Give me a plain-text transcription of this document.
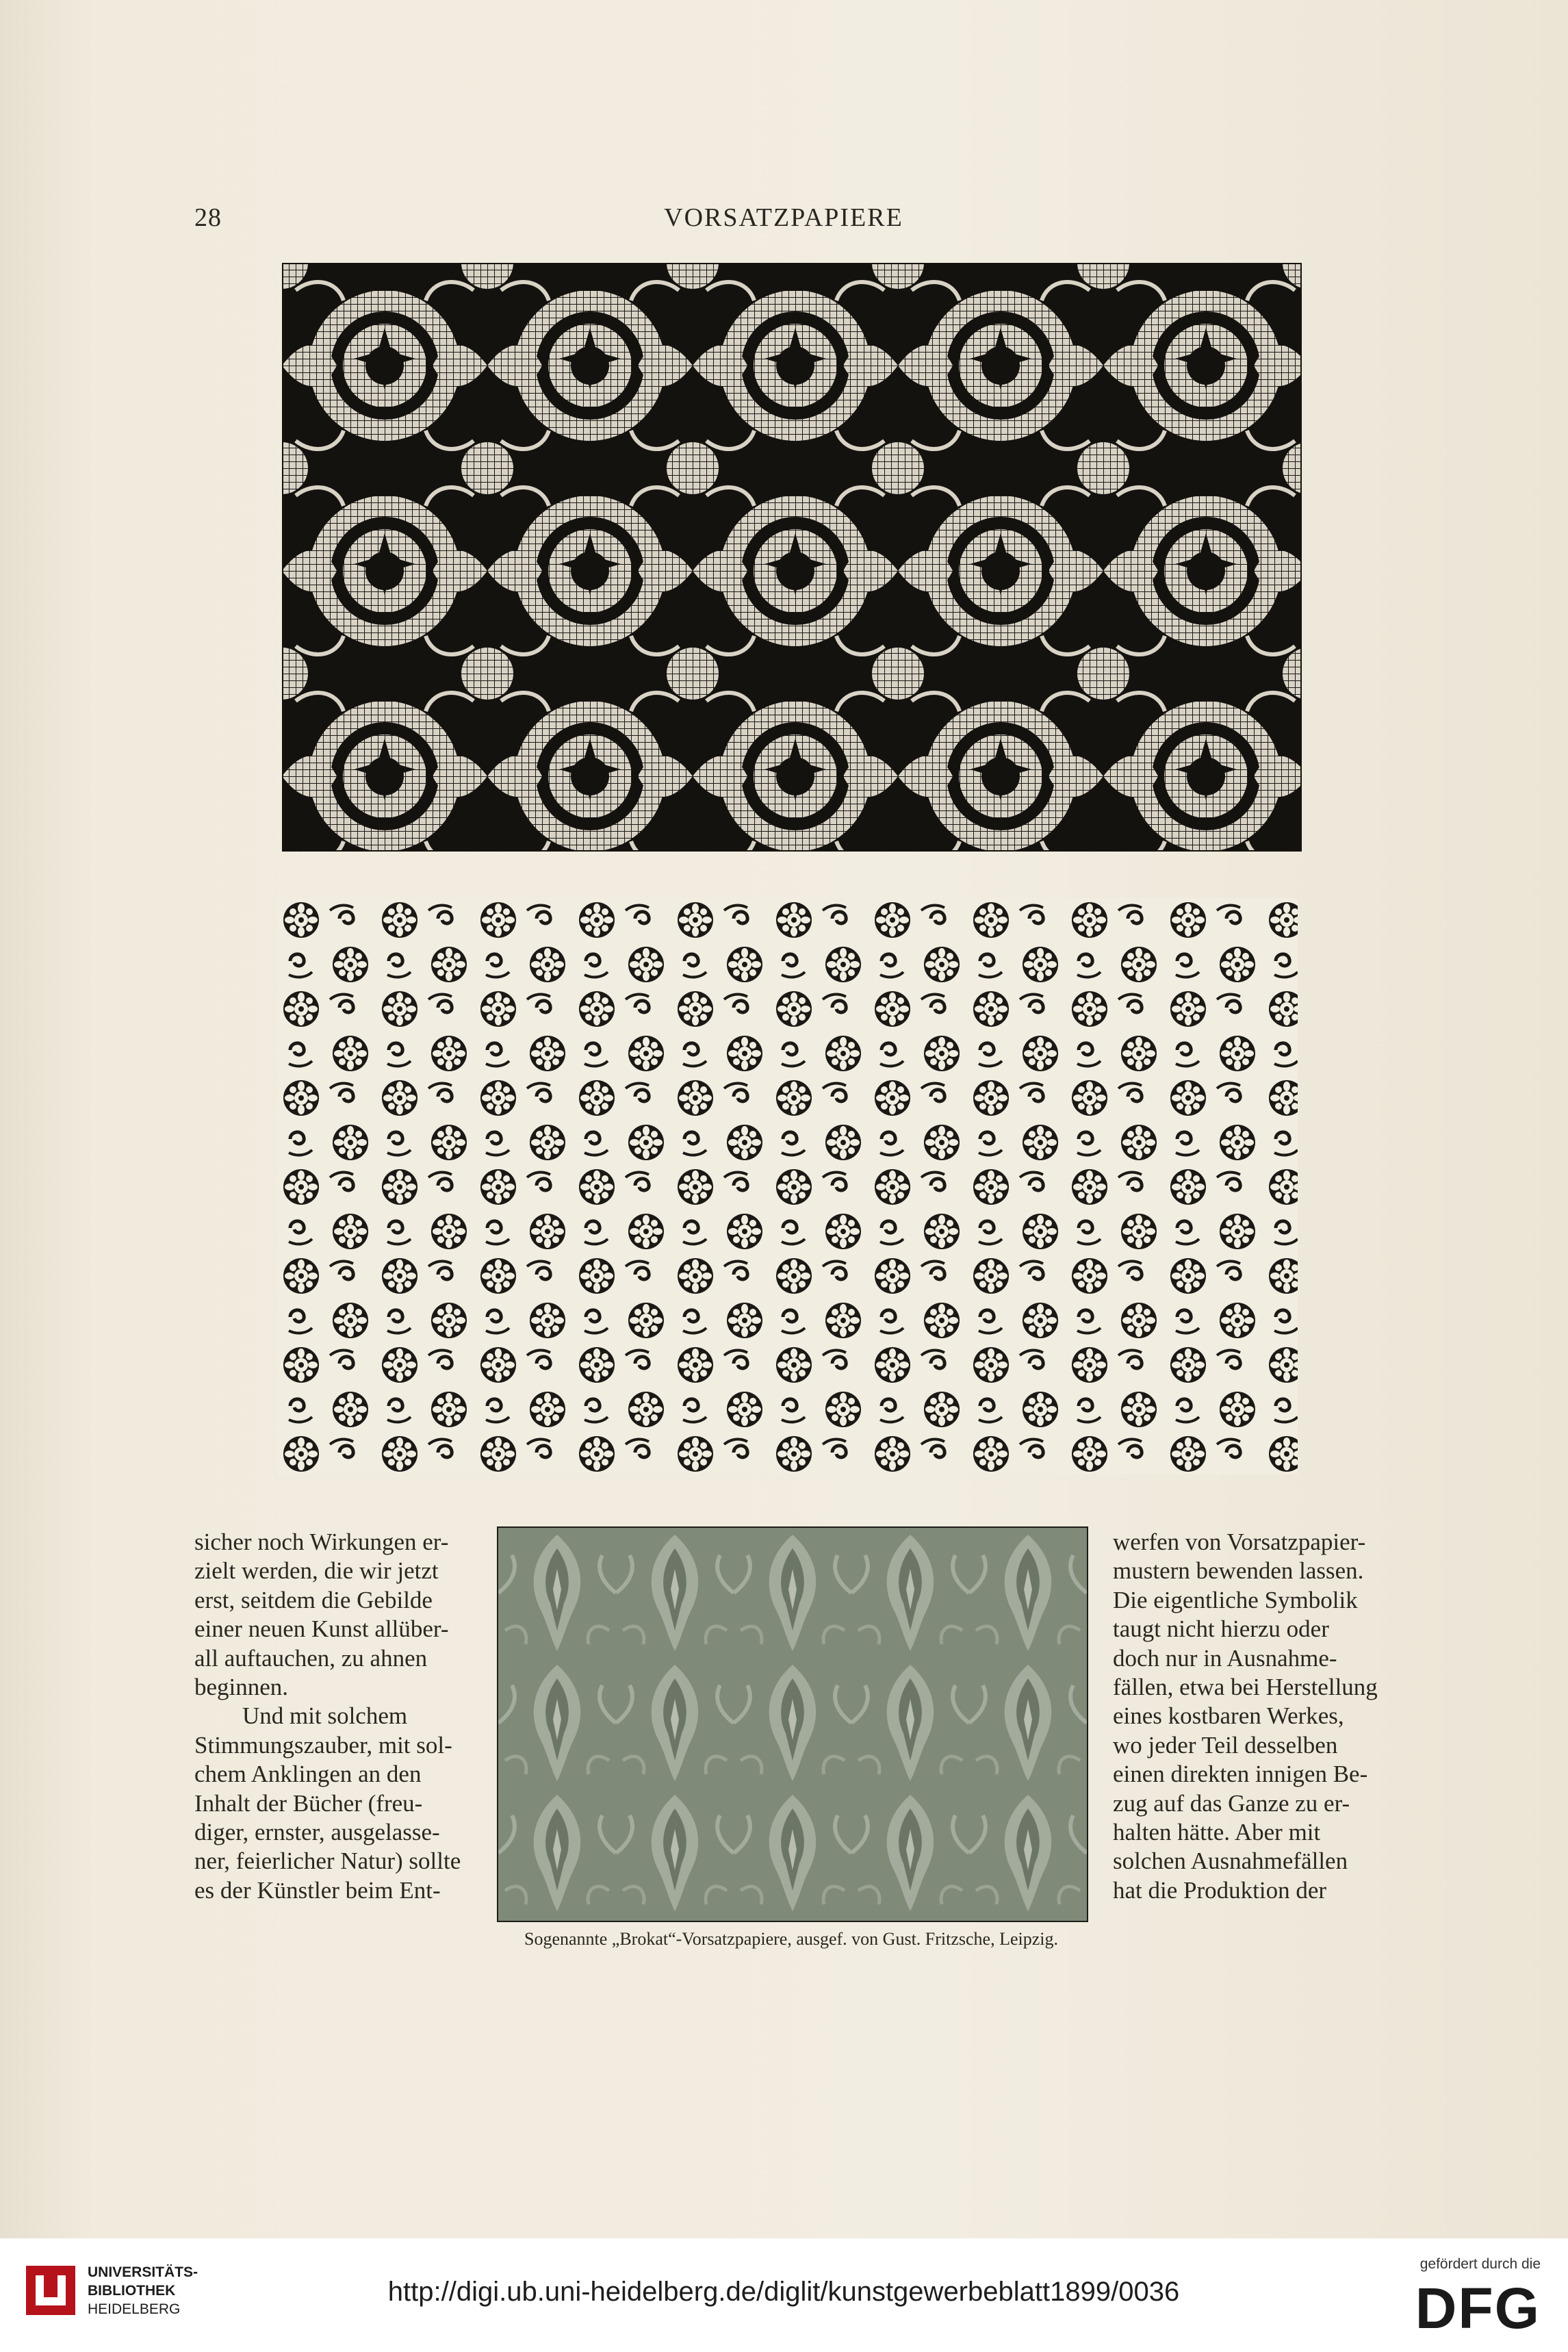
28	VORSATZPAPIERE
Sogenannte „Brokat“-Vorsatzpapiere, ausgef. von Gust. Fritzsche, Leipzig.
sicher noch Wirkungen er-
zielt werden, die wir jetzt
erst, seitdem die Gebilde
einer neuen Kunst allüber-
all auftauchen, zu ahnen
beginnen.
Und mit solchem
Stimmungszauber, mit sol-
chem Anklingen an den
Inhalt der Bücher (freu-
diger, ernster, ausgelasse-
ner, feierlicher Natur) sollte
es der Künstler beim Ent-
werfen von Vorsatzpapier-
mustern bewenden lassen.
Die eigentliche Symbolik
taugt nicht hierzu oder
doch nur in Ausnahme-
fällen, etwa bei Herstellung
eines kostbaren Werkes,
wo jeder Teil desselben
einen direkten innigen Be-
zug auf das Ganze zu er-
halten hätte. Aber mit
solchen Ausnahmefällen
hat die Produktion der
UNIVERSITÄTS-
BIBLIOTHEK
HEIDELBERG
http://digi.ub.uni-heidelberg.de/diglit/kunstgewerbeblatt1899/0036
gefördert durch die
DFG
